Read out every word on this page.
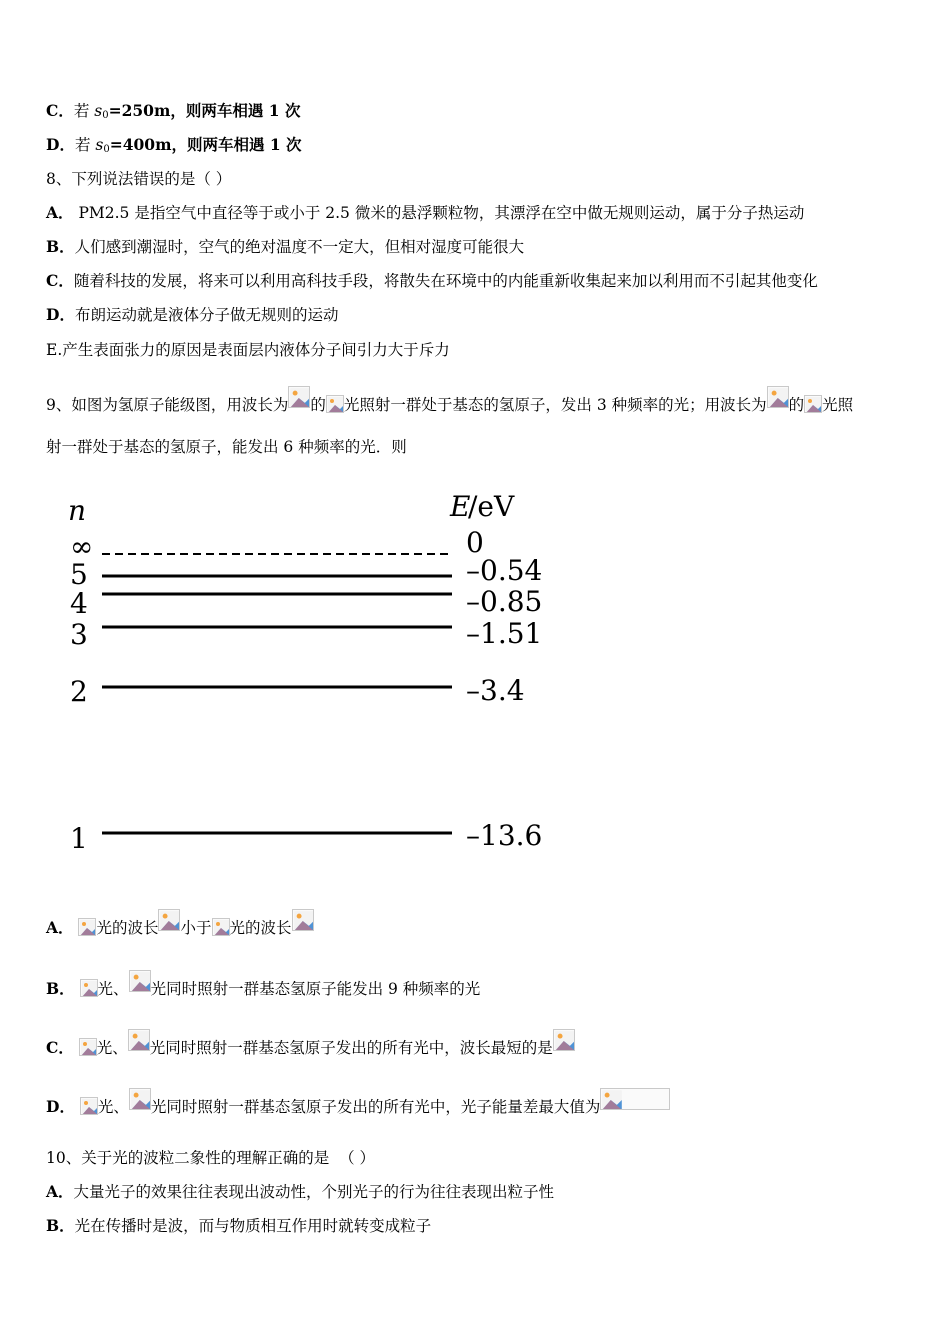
C．若 $s_0=250m$，则两车相遇 1 次
D．若 $s_0=400m$，则两车相遇 1 次
8、下列说法错误的是（ ）
A． PM2.5 是指空气中直径等于或小于 2.5 微米的悬浮颗粒物，其漂浮在空中做无规则运动，属于分子热运动
B．人们感到潮湿时，空气的绝对温度不一定大，但相对湿度可能很大
C．随着科技的发展，将来可以利用高科技手段，将散失在环境中的内能重新收集起来加以利用而不引起其他变化
D．布朗运动就是液体分子做无规则的运动
E.产生表面张力的原因是表面层内液体分子间引力大于斥力
9、如图为氢原子能级图，用波长为 的 光照射一群处于基态的氢原子，发出 3 种频率的光；用波长为 的 光照
射一群处于基态的氢原子，能发出 6 种频率的光．则
n	E
/eV
∞	0
5	–0.54
4	–0.85
3	–1.51
2	–3.4
1	–13.6
A． 光的波长 小于 光的波长
B． 光、 光同时照射一群基态氢原子能发出 9 种频率的光
C． 光、 光同时照射一群基态氢原子发出的所有光中，波长最短的是
D． 光、 光同时照射一群基态氢原子发出的所有光中，光子能量差最大值为
10、关于光的波粒二象性的理解正确的是 （ ）
A．大量光子的效果往往表现出波动性，个别光子的行为往往表现出粒子性
B．光在传播时是波，而与物质相互作用时就转变成粒子
